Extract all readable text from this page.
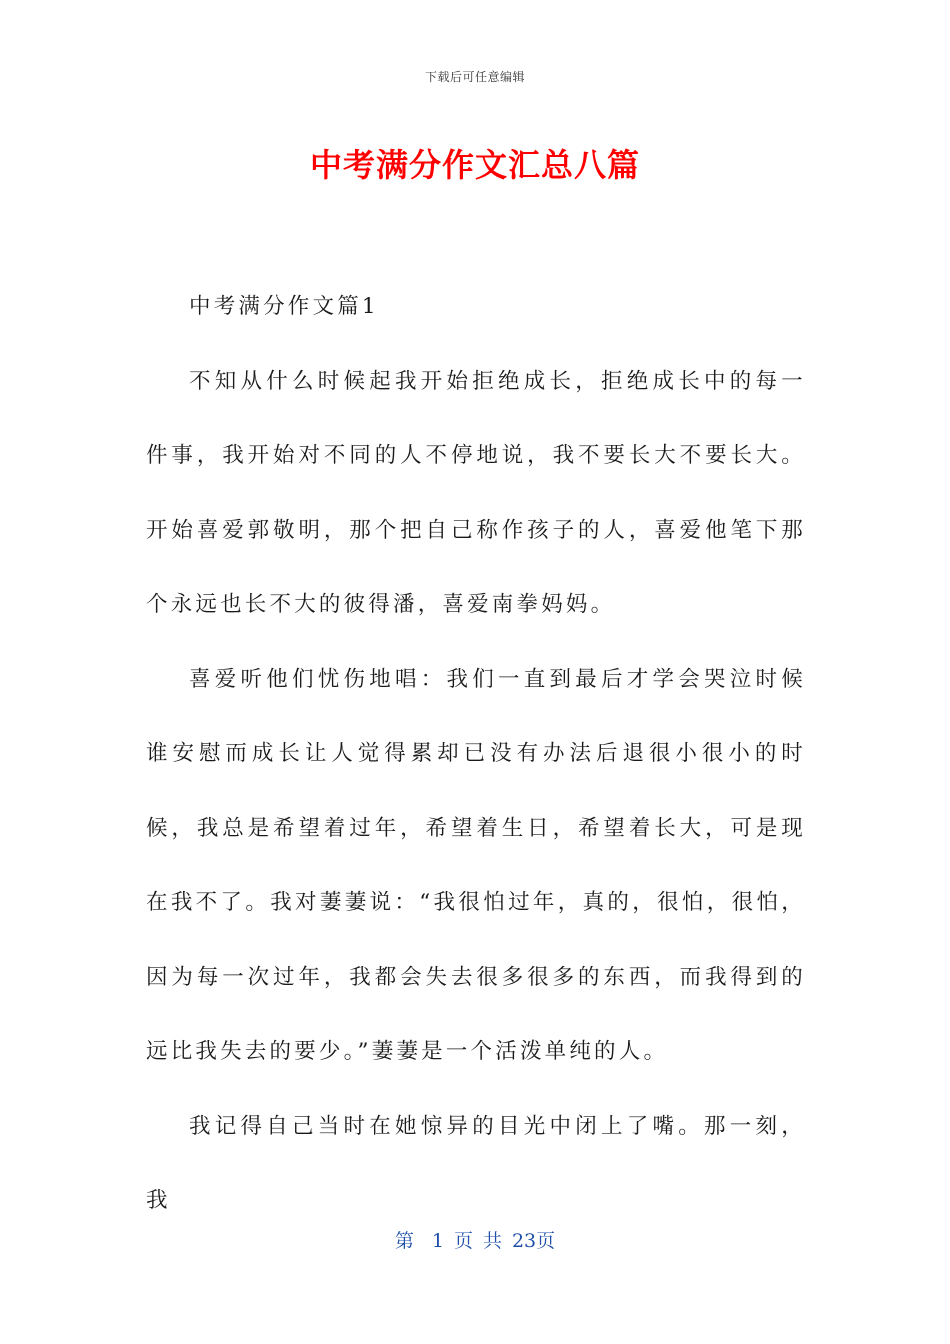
下载后可任意编辑
中考满分作文汇总八篇

中考满分作文篇1

不知从什么时候起我开始拒绝成长，拒绝成长中的每一件事，我开始对不同的人不停地说，我不要长大不要长大。开始喜爱郭敬明，那个把自己称作孩子的人，喜爱他笔下那个永远也长不大的彼得潘，喜爱南拳妈妈。

喜爱听他们忧伤地唱：我们一直到最后才学会哭泣时候谁安慰而成长让人觉得累却已没有办法后退很小很小的时候，我总是希望着过年，希望着生日，希望着长大，可是现在我不了。我对萋萋说：“我很怕过年，真的，很怕，很怕，因为每一次过年，我都会失去很多很多的东西，而我得到的远比我失去的要少。”萋萋是一个活泼单纯的人。

我记得自己当时在她惊异的目光中闭上了嘴。那一刻，我

第 1 页 共 23页
